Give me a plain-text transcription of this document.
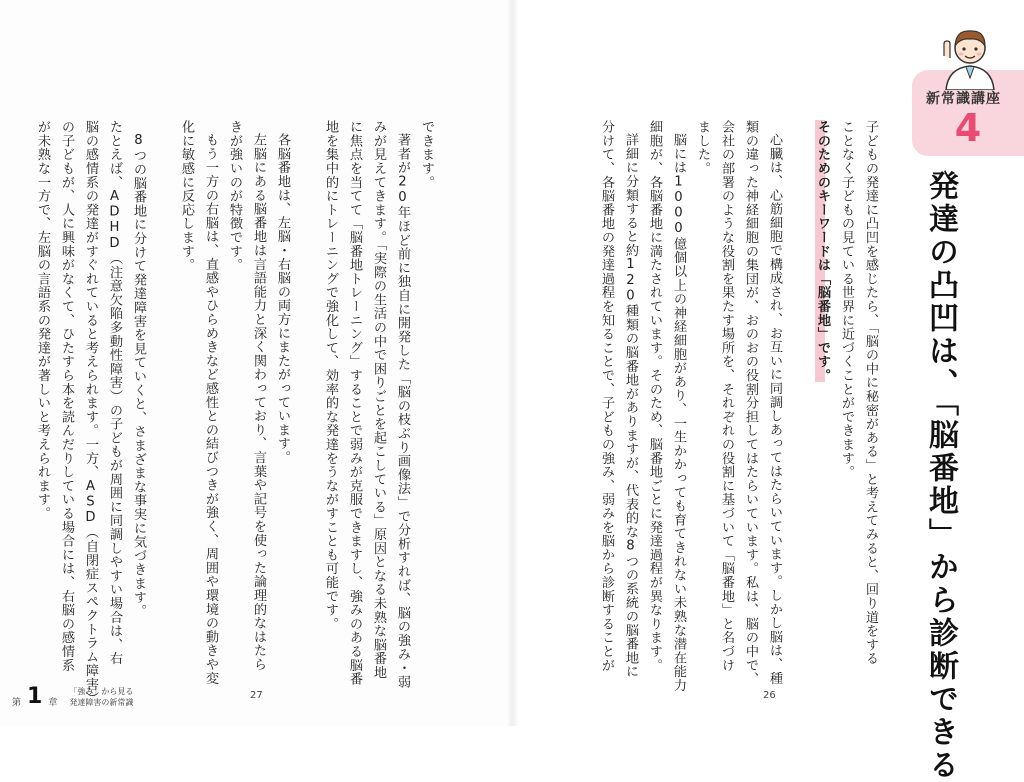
新常識講座
4
発達の凸凹は、「脳番地」から診断できる
子どもの発達に凸凹を感じたら、「脳の中に秘密がある」と考えてみると、回り道をする
ことなく子どもの見ている世界に近づくことができます。
そのためのキーワードは「脳番地」です。
心臓は、心筋細胞で構成され、お互いに同調しあってはたらいています。しかし脳は、種
類の違った神経細胞の集団が、おのおの役割分担してはたらいています。私は、脳の中で、
会社の部署のような役割を果たす場所を、それぞれの役割に基づいて「脳番地」と名づけ
ました。
脳には1000億個以上の神経細胞があり、一生かかっても育てきれない未熟な潜在能力
細胞が、各脳番地に満たされています。そのため、脳番地ごとに発達過程が異なります。
詳細に分類すると約120種類の脳番地がありますが、代表的な8つの系統の脳番地に
分けて、各脳番地の発達過程を知ることで、子どもの強み、弱みを脳から診断することが
できます。
著者が20年ほど前に独自に開発した「脳の枝ぶり画像法」で分析すれば、脳の強み・弱
みが見えてきます。「実際の生活の中で困りごとを起こしている」原因となる未熟な脳番地
に焦点を当てて「脳番地トレーニング」することで弱みが克服できますし、強みのある脳番
地を集中的にトレーニングで強化して、効率的な発達をうながすことも可能です。
各脳番地は、左脳・右脳の両方にまたがっています。
左脳にある脳番地は言語能力と深く関わっており、言葉や記号を使った論理的なはたら
きが強いのが特徴です。
もう一方の右脳は、直感やひらめきなど感性との結びつきが強く、周囲や環境の動きや変
化に敏感に反応します。
8つの脳番地に分けて発達障害を見ていくと、さまざまな事実に気づきます。
たとえば、ADHD（注意欠陥多動性障害）の子どもが周囲に同調しやすい場合は、右
脳の感情系の発達がすぐれていると考えられます。一方、ASD（自閉症スペクトラム障害）
の子どもが、人に興味がなくて、ひたすら本を読んだりしている場合には、右脳の感情系
が未熟な一方で、左脳の言語系の発達が著しいと考えられます。
第 1 章
「強み」から見る
発達障害の新常識
27	26
